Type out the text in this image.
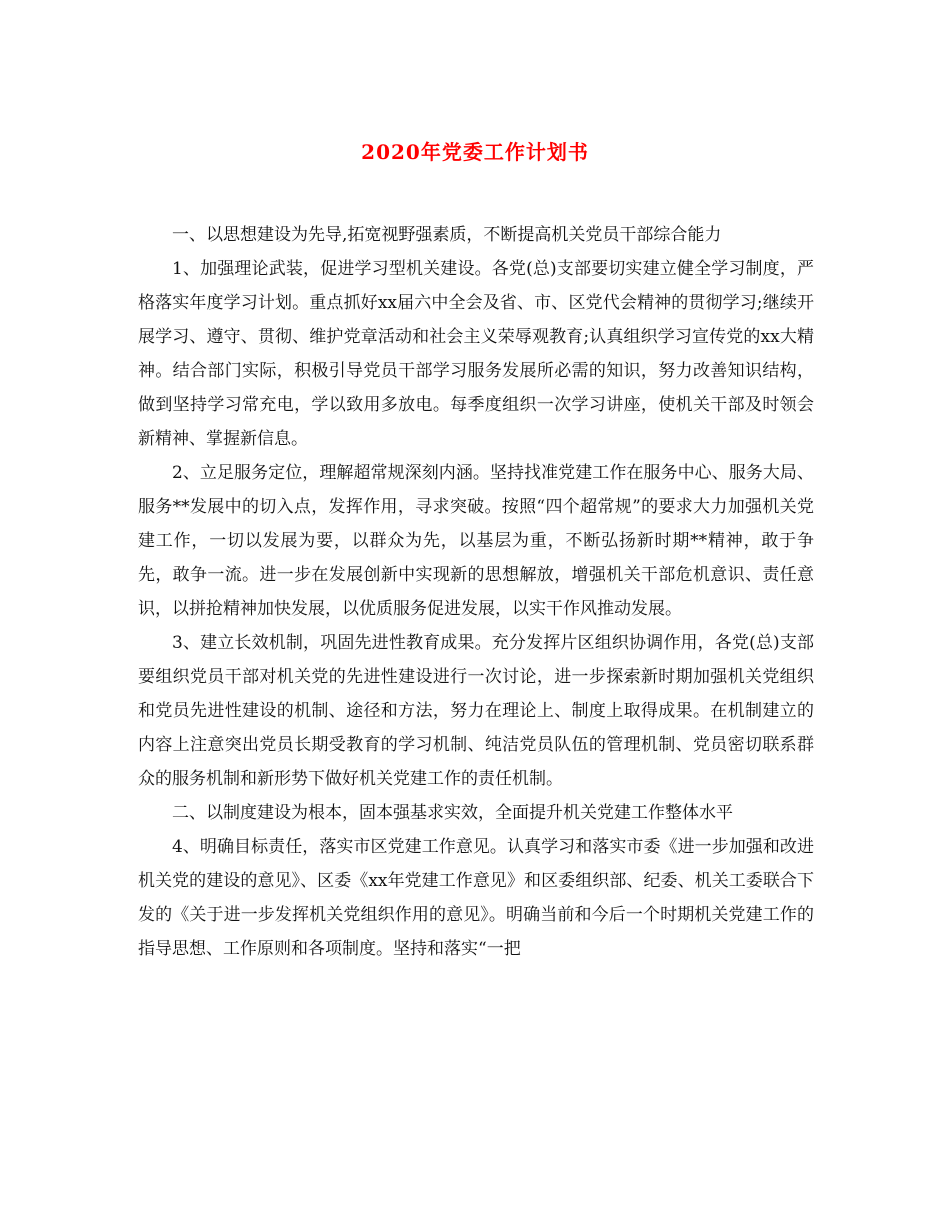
2020年党委工作计划书

一、以思想建设为先导,拓宽视野强素质，不断提高机关党员干部综合能力

1、加强理论武装，促进学习型机关建设。各党(总)支部要切实建立健全学习制度，严格落实年度学习计划。重点抓好xx届六中全会及省、市、区党代会精神的贯彻学习;继续开展学习、遵守、贯彻、维护党章活动和社会主义荣辱观教育;认真组织学习宣传党的xx大精神。结合部门实际，积极引导党员干部学习服务发展所必需的知识，努力改善知识结构，做到坚持学习常充电，学以致用多放电。每季度组织一次学习讲座，使机关干部及时领会新精神、掌握新信息。

2、立足服务定位，理解超常规深刻内涵。坚持找准党建工作在服务中心、服务大局、服务**发展中的切入点，发挥作用，寻求突破。按照“四个超常规”的要求大力加强机关党建工作，一切以发展为要，以群众为先，以基层为重，不断弘扬新时期**精神，敢于争先，敢争一流。进一步在发展创新中实现新的思想解放，增强机关干部危机意识、责任意识，以拼抢精神加快发展，以优质服务促进发展，以实干作风推动发展。

3、建立长效机制，巩固先进性教育成果。充分发挥片区组织协调作用，各党(总)支部要组织党员干部对机关党的先进性建设进行一次讨论，进一步探索新时期加强机关党组织和党员先进性建设的机制、途径和方法，努力在理论上、制度上取得成果。在机制建立的内容上注意突出党员长期受教育的学习机制、纯洁党员队伍的管理机制、党员密切联系群众的服务机制和新形势下做好机关党建工作的责任机制。

二、以制度建设为根本，固本强基求实效，全面提升机关党建工作整体水平

4、明确目标责任，落实市区党建工作意见。认真学习和落实市委《进一步加强和改进机关党的建设的意见》、区委《xx年党建工作意见》和区委组织部、纪委、机关工委联合下发的《关于进一步发挥机关党组织作用的意见》。明确当前和今后一个时期机关党建工作的指导思想、工作原则和各项制度。坚持和落实“一把
